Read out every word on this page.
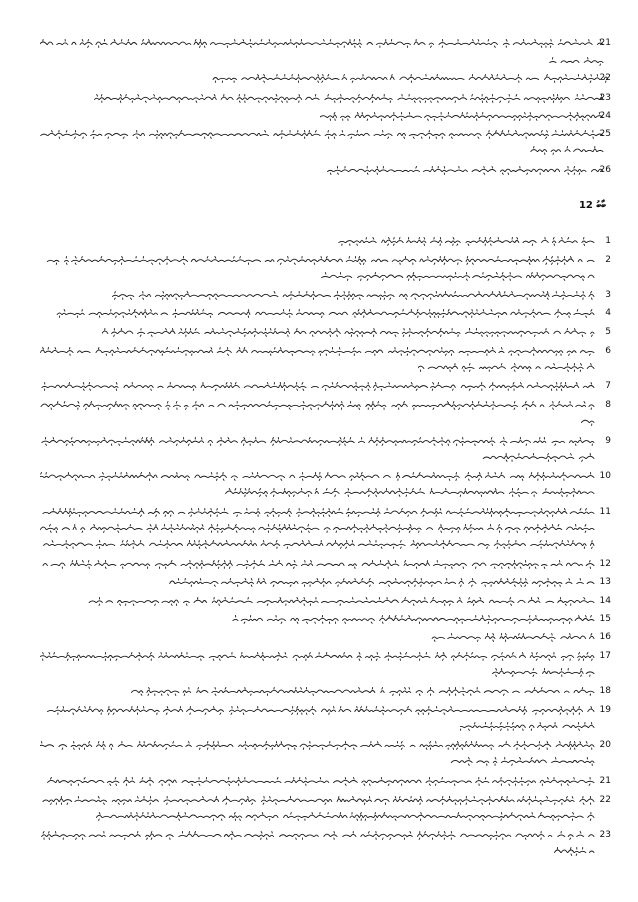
21
22
23
24
25
26
ބާބު 12
1
2
3
4
5
6
7
8
9
10
11
12
13
14
15
16
17
18
19
20
21
22
23
